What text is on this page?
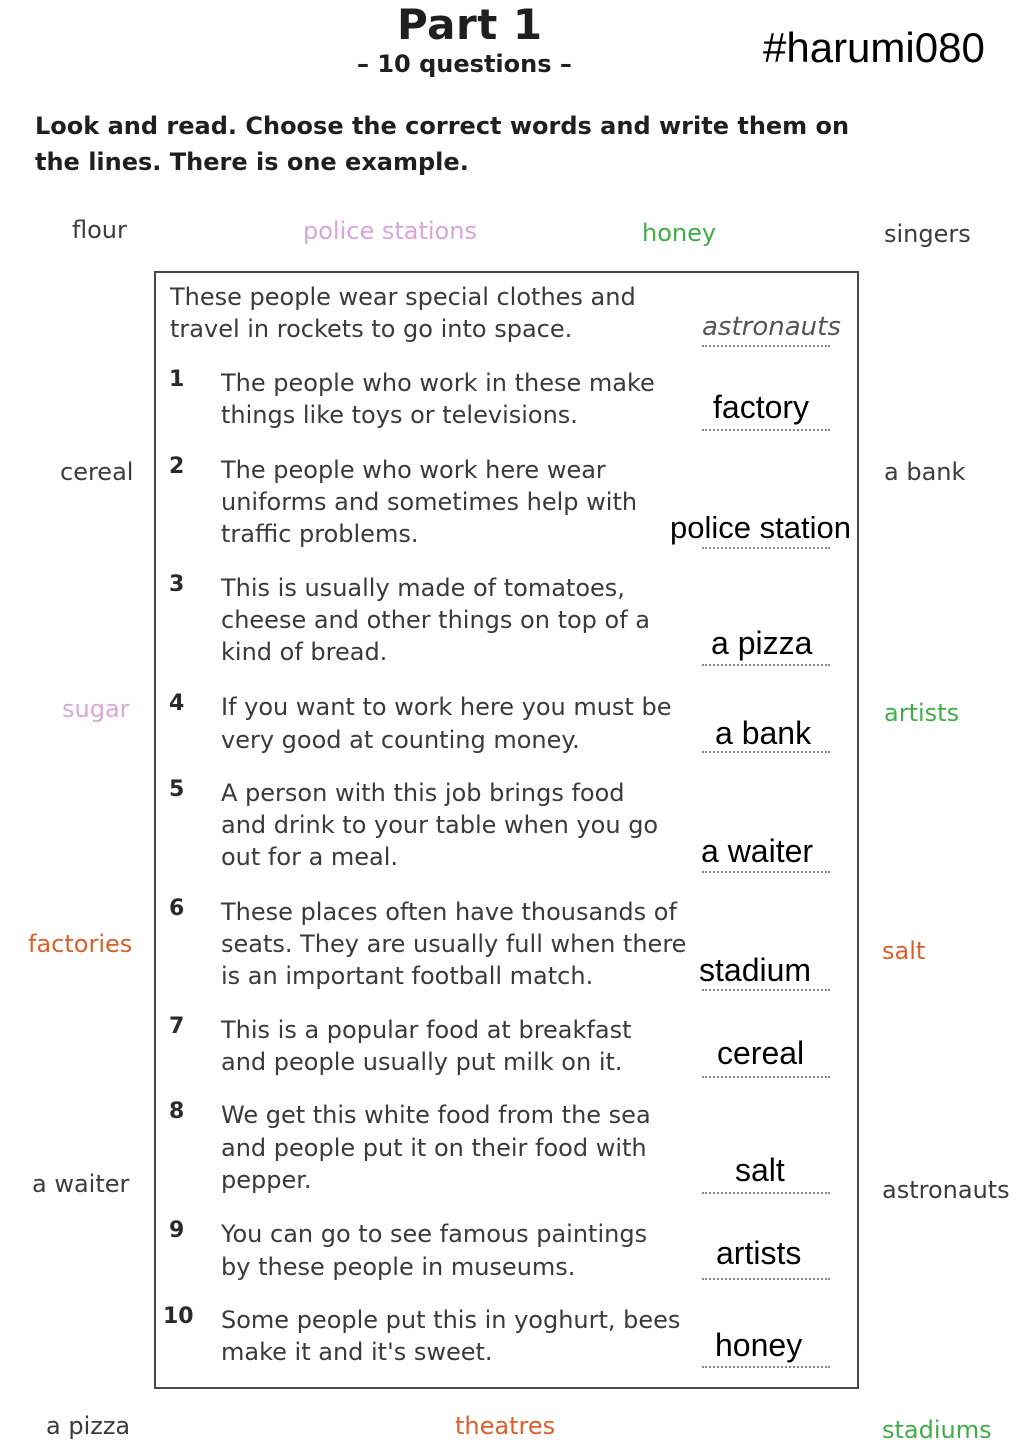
Part 1
– 10 questions –	#harumi080
Look and read. Choose the correct words and write them on the lines. There is one example.
flour	police stations	honey	singers
cereal	a bank
sugar	artists
factories	salt
a waiter	astronauts
a pizza	theatres	stadiums
These people wear special clothes and
travel in rockets to go into space.	astronauts
1 The people who work in these make
things like toys or televisions.	factory
2 The people who work here wear
uniforms and sometimes help with
traffic problems.	police station
3 This is usually made of tomatoes,
cheese and other things on top of a
kind of bread.	a pizza
4 If you want to work here you must be
very good at counting money.	a bank
5 A person with this job brings food
and drink to your table when you go
out for a meal.	a waiter
6 These places often have thousands of
seats. They are usually full when there
is an important football match.	stadium
7 This is a popular food at breakfast
and people usually put milk on it.	cereal
8 We get this white food from the sea
and people put it on their food with
pepper.	salt
9 You can go to see famous paintings
by these people in museums.	artists
10 Some people put this in yoghurt, bees
make it and it's sweet.	honey
